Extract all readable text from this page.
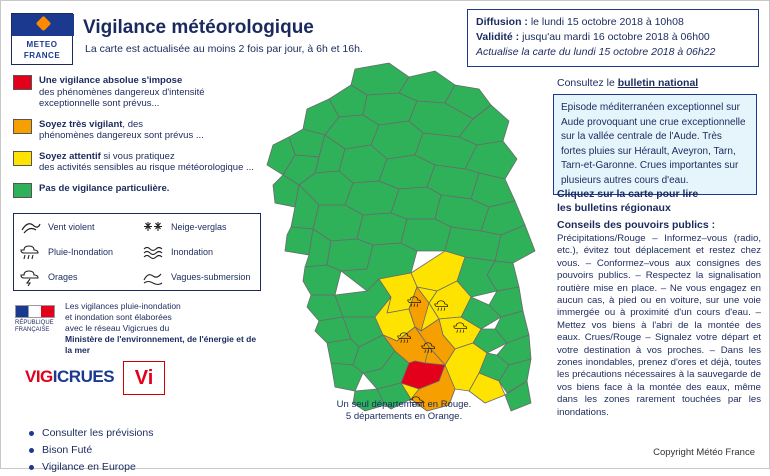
METEO
FRANCE
Vigilance météorologique
La carte est actualisée au moins 2 fois par jour, à 6h et 16h.
Diffusion : le lundi 15 octobre 2018 à 10h08
Validité : jusqu'au mardi 16 octobre 2018 à 06h00
Actualise la carte du lundi 15 octobre 2018 à 06h22
Une vigilance absolue s'impose
des phénomènes dangereux d'intensité exceptionnelle sont prévus...
Soyez très vigilant, des
phénomènes dangereux sont prévus ...
Soyez attentif si vous pratiquez
des activités sensibles au risque météorologique ...
Pas de vigilance particulière.
Vent violent	Neige-verglas
Pluie-Inondation	Inondation
Orages	Vagues-submersion
RÉPUBLIQUE FRANÇAISE
Les vigilances pluie-inondation
et inondation sont élaborées
avec le réseau Vigicrues du
Ministère de l'environnement, de l'énergie et de la mer
VIGICRUES	Vi
Consulter les prévisions
Bison Futé
Vigilance en Europe
Un seul département en Rouge.
5 départements en Orange.
Consultez le bulletin national
Episode méditerranéen exceptionnel sur Aude provoquant une crue exceptionnelle sur la vallée centrale de l'Aude. Très fortes pluies sur Hérault, Aveyron, Tarn, Tarn-et-Garonne. Crues importantes sur plusieurs autres cours d'eau.
Cliquez sur la carte pour lire
les bulletins régionaux
Conseils des pouvoirs publics :
Précipitations/Rouge – Informez–vous (radio, etc.), évitez tout déplacement et restez chez vous. – Conformez–vous aux consignes des pouvoirs publics. – Respectez la signalisation routière mise en place. – Ne vous engagez en aucun cas, à pied ou en voiture, sur une voie immergée ou à proximité d'un cours d'eau. – Mettez vos biens à l'abri de la montée des eaux. Crues/Rouge – Signalez votre départ et votre destination à vos proches. – Dans les zones inondables, prenez d'ores et déjà, toutes les précautions nécessaires à la sauvegarde de vos biens face à la montée des eaux, même dans les zones rarement touchées par les inondations.
Copyright Météo France
